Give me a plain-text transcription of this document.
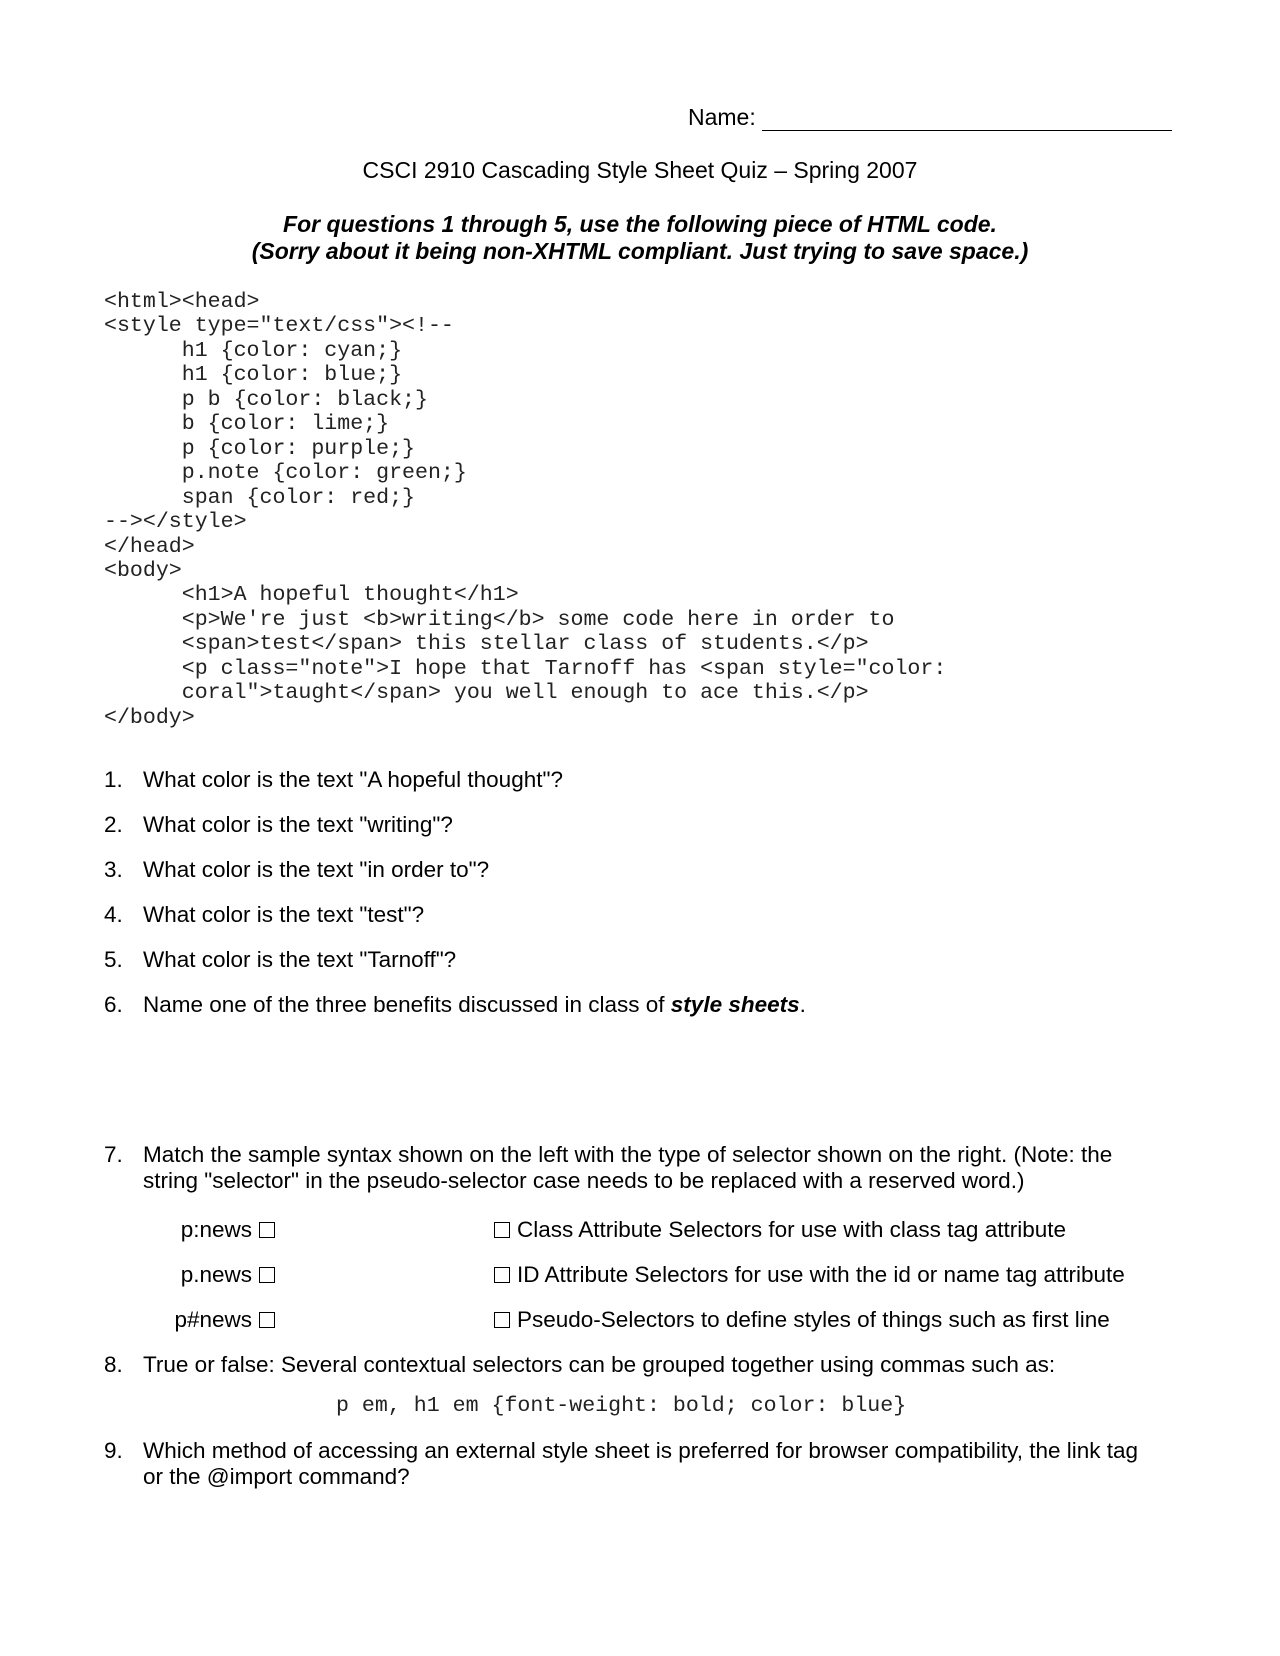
Name:
CSCI 2910 Cascading Style Sheet Quiz – Spring 2007
For questions 1 through 5, use the following piece of HTML code.
(Sorry about it being non-XHTML compliant. Just trying to save space.)
<html><head>
<style type="text/css"><!--
h1 {color: cyan;}
h1 {color: blue;}
p b {color: black;}
b {color: lime;}
p {color: purple;}
p.note {color: green;}
span {color: red;}
--></style>
</head>
<body>
<h1>A hopeful thought</h1>
<p>We're just <b>writing</b> some code here in order to
<span>test</span> this stellar class of students.</p>
<p class="note">I hope that Tarnoff has <span style="color:
coral">taught</span> you well enough to ace this.</p>
</body>
1. What color is the text "A hopeful thought"?
2. What color is the text "writing"?
3. What color is the text "in order to"?
4. What color is the text "test"?
5. What color is the text "Tarnoff"?
6. Name one of the three benefits discussed in class of style sheets.
7. Match the sample syntax shown on the left with the type of selector shown on the right. (Note: the
string "selector" in the pseudo-selector case needs to be replaced with a reserved word.)
p:news	Class Attribute Selectors for use with class tag attribute
p.news	ID Attribute Selectors for use with the id or name tag attribute
p#news	Pseudo-Selectors to define styles of things such as first line
8. True or false: Several contextual selectors can be grouped together using commas such as:
p em, h1 em {font-weight: bold; color: blue}
9. Which method of accessing an external style sheet is preferred for browser compatibility, the link tag
or the @import command?
